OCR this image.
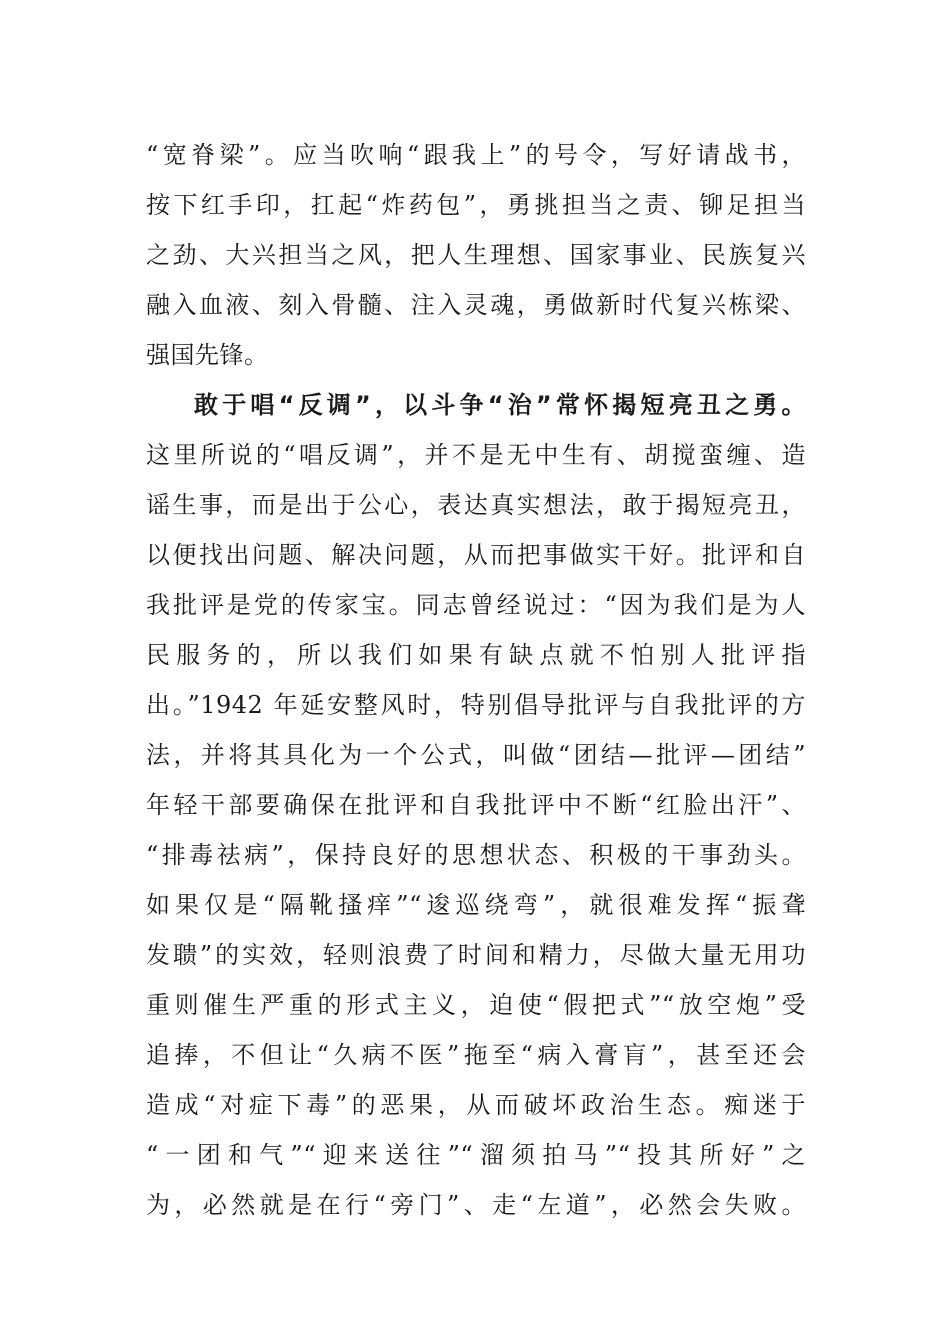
“宽脊梁”。应当吹响“跟我上”的号令，写好请战书，
按下红手印，扛起“炸药包”，勇挑担当之责、铆足担当
之劲、大兴担当之风，把人生理想、国家事业、民族复兴
融入血液、刻入骨髓、注入灵魂，勇做新时代复兴栋梁、
强国先锋。
敢于唱“反调”，以斗争“治”常怀揭短亮丑之勇。
这里所说的“唱反调”，并不是无中生有、胡搅蛮缠、造
谣生事，而是出于公心，表达真实想法，敢于揭短亮丑，
以便找出问题、解决问题，从而把事做实干好。批评和自
我批评是党的传家宝。同志曾经说过：“因为我们是为人
民服务的，所以我们如果有缺点就不怕别人批评指
出。”1942 年延安整风时，特别倡导批评与自我批评的方
法，并将其具化为一个公式，叫做“团结—批评—团结”
年轻干部要确保在批评和自我批评中不断“红脸出汗”、
“排毒祛病”，保持良好的思想状态、积极的干事劲头。
如果仅是“隔靴搔痒”“逡巡绕弯”，就很难发挥“振聋
发聩”的实效，轻则浪费了时间和精力，尽做大量无用功
重则催生严重的形式主义，迫使“假把式”“放空炮”受
追捧，不但让“久病不医”拖至“病入膏肓”，甚至还会
造成“对症下毒”的恶果，从而破坏政治生态。痴迷于
“一团和气”“迎来送往”“溜须拍马”“投其所好”之
为，必然就是在行“旁门”、走“左道”，必然会失败。
